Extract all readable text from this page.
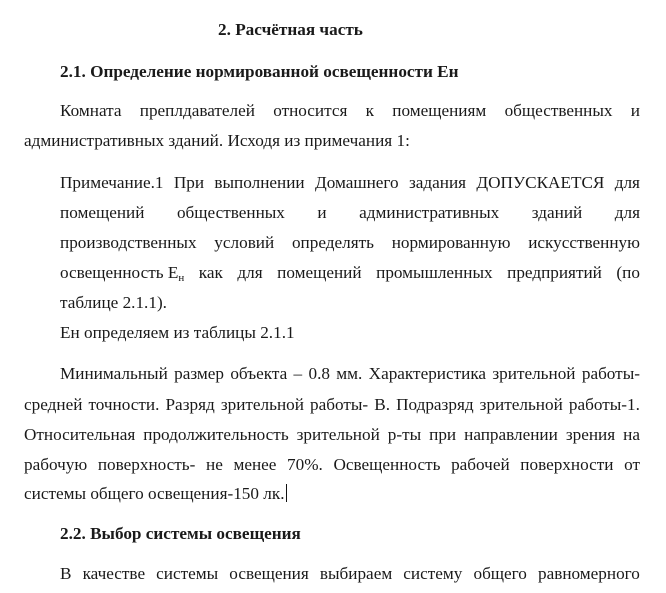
2. Расчётная часть
2.1. Определение нормированной освещенности Ен
Комната преплдавателей относится к помещениям общественных и
административных зданий. Исходя из примечания 1:
Примечание.1 При выполнении Домашнего задания ДОПУСКАЕТСЯ для
помещений общественных и административных зданий для
производственных условий определять нормированную искусственную
освещенность Eн как для помещений промышленных предприятий (по
таблице 2.1.1).
Ен определяем из таблицы 2.1.1
Минимальный размер объекта – 0.8 мм. Характеристика зрительной работы-
средней точности. Разряд зрительной работы- В. Подразряд зрительной работы-1.
Относительная продолжительность зрительной р-ты при направлении зрения на
рабочую поверхность- не менее 70%. Освещенность рабочей поверхности от
системы общего освещения-150 лк.
2.2. Выбор системы освещения
В качестве системы освещения выбираем систему общего равномерного
